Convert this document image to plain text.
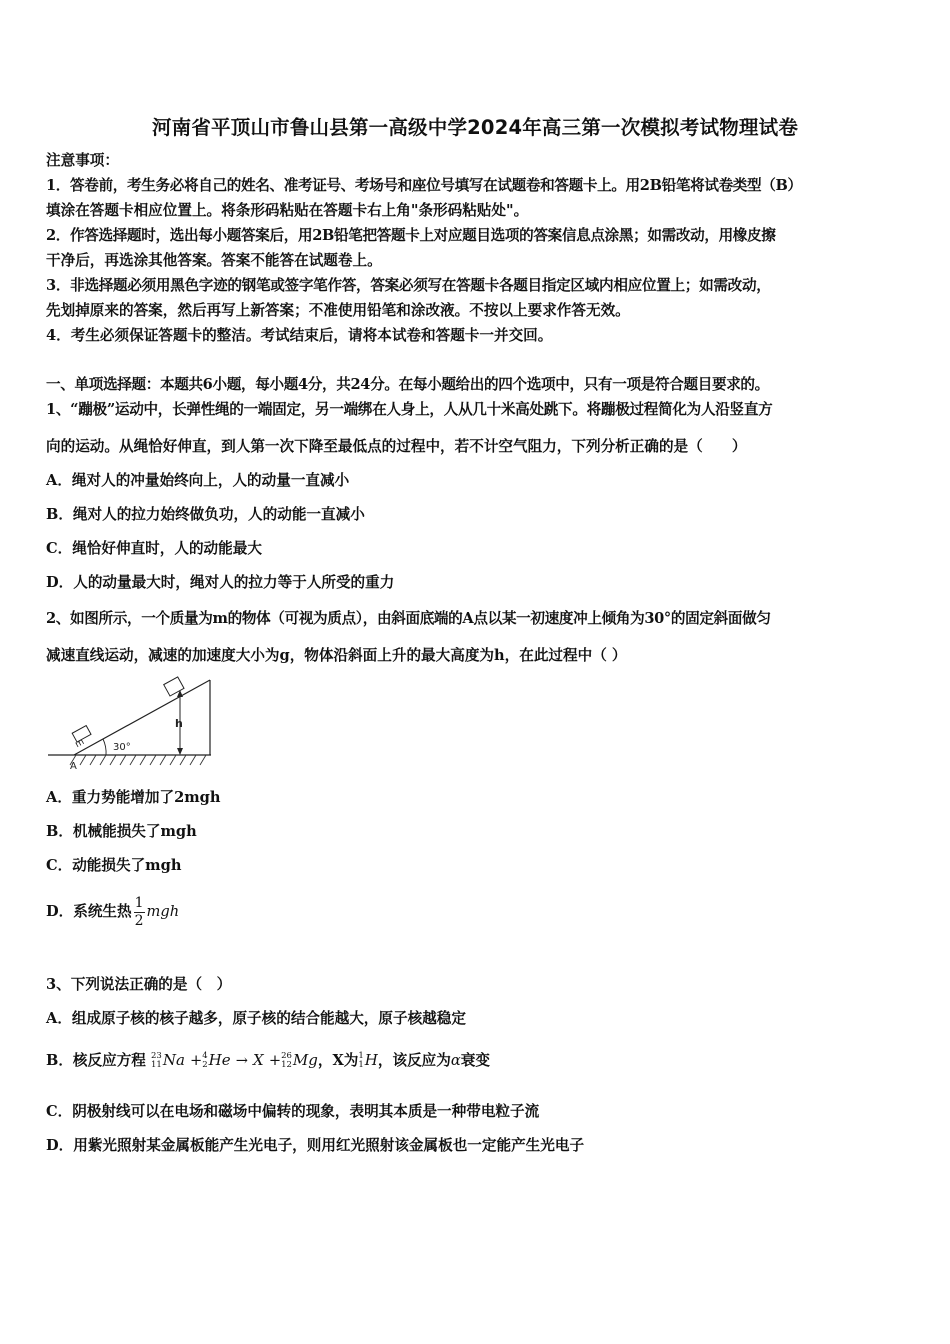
河南省平顶山市鲁山县第一高级中学2024年高三第一次模拟考试物理试卷
注意事项：
1．答卷前，考生务必将自己的姓名、准考证号、考场号和座位号填写在试题卷和答题卡上。用2B铅笔将试卷类型（B）
填涂在答题卡相应位置上。将条形码粘贴在答题卡右上角"条形码粘贴处"。
2．作答选择题时，选出每小题答案后，用2B铅笔把答题卡上对应题目选项的答案信息点涂黑；如需改动，用橡皮擦
干净后，再选涂其他答案。答案不能答在试题卷上。
3．非选择题必须用黑色字迹的钢笔或签字笔作答，答案必须写在答题卡各题目指定区域内相应位置上；如需改动，
先划掉原来的答案，然后再写上新答案；不准使用铅笔和涂改液。不按以上要求作答无效。
4．考生必须保证答题卡的整洁。考试结束后，请将本试卷和答题卡一并交回。
一、单项选择题：本题共6小题，每小题4分，共24分。在每小题给出的四个选项中，只有一项是符合题目要求的。
1、“蹦极”运动中，长弹性绳的一端固定，另一端绑在人身上，人从几十米高处跳下。将蹦极过程简化为人沿竖直方
向的运动。从绳恰好伸直，到人第一次下降至最低点的过程中，若不计空气阻力，下列分析正确的是（　　）
A．绳对人的冲量始终向上，人的动量一直减小
B．绳对人的拉力始终做负功，人的动能一直减小
C．绳恰好伸直时，人的动能最大
D．人的动量最大时，绳对人的拉力等于人所受的重力
2、如图所示，一个质量为m的物体（可视为质点），由斜面底端的A点以某一初速度冲上倾角为30°的固定斜面做匀
减速直线运动，减速的加速度大小为g，物体沿斜面上升的最大高度为h，在此过程中（ ）
m
h
30°
A
A．重力势能增加了2mgh
B．机械能损失了mgh
C．动能损失了mgh
D．系统生热 $\frac{1}{2}$ mgh
3、下列说法正确的是（　）
A．组成原子核的核子越多，原子核的结合能越大，原子核越稳定
B．核反应方程 23
11 Na + 4
2 He → X + 26
12 Mg，X为 1
1 H，该反应为α衰变
C．阴极射线可以在电场和磁场中偏转的现象，表明其本质是一种带电粒子流
D．用紫光照射某金属板能产生光电子，则用红光照射该金属板也一定能产生光电子
